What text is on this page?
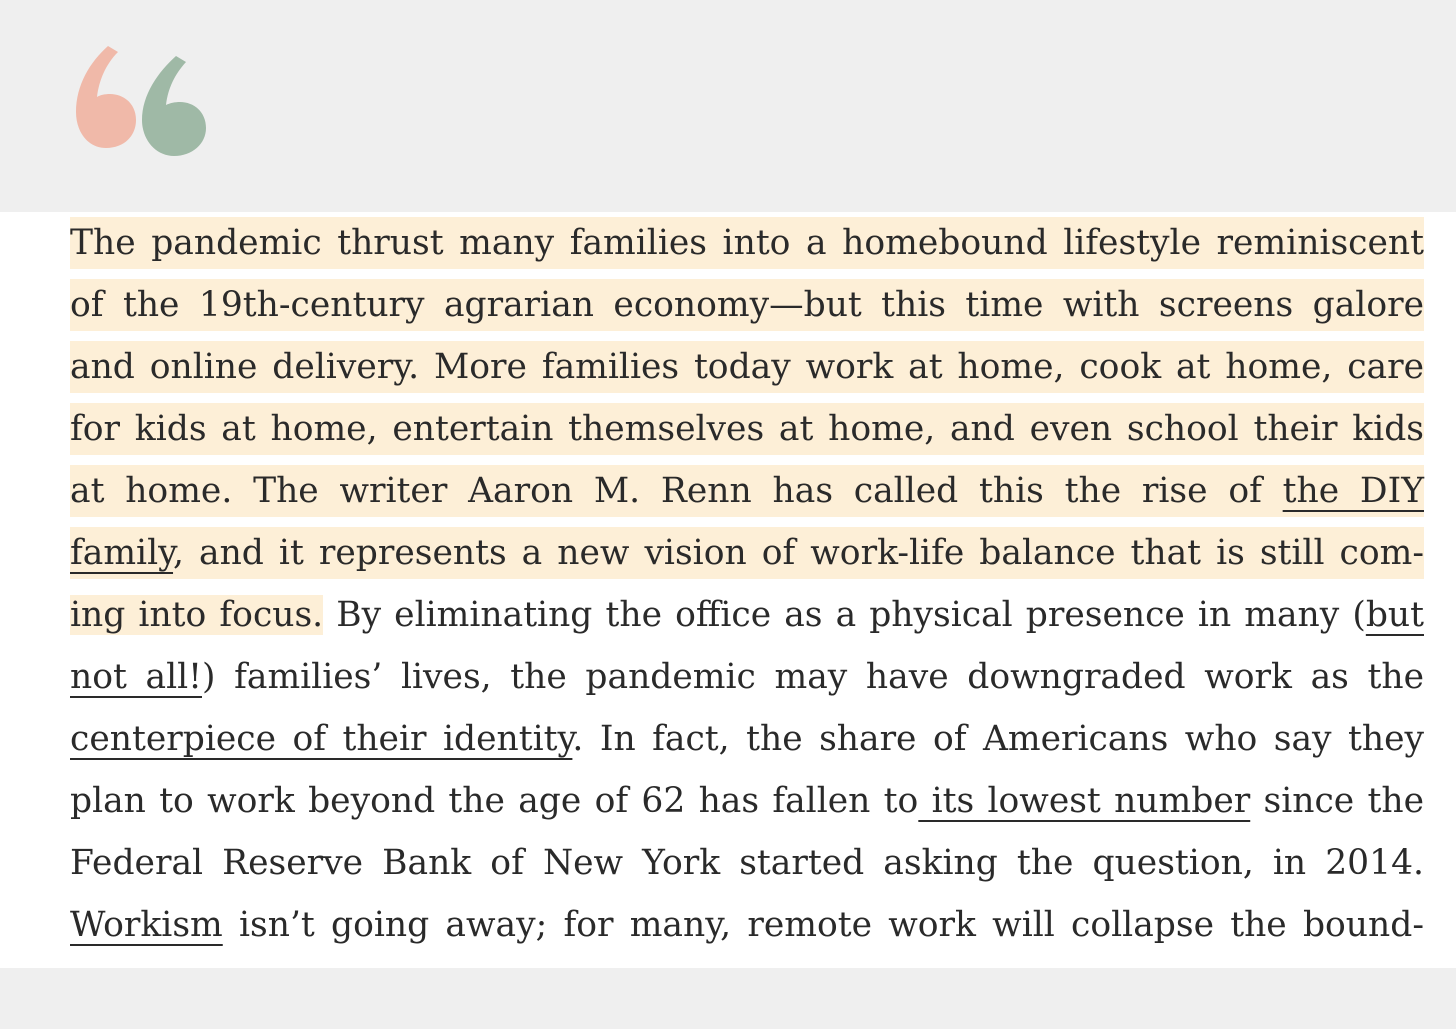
The pandemic thrust many families into a homebound lifestyle reminiscent
of the 19th-century agrarian economy—but this time with screens galore
and online delivery. More families today work at home, cook at home, care
for kids at home, entertain themselves at home, and even school their kids
at home. The writer Aaron M. Renn has called this the rise of the DIY
family, and it represents a new vision of work-life balance that is still com-
ing into focus. By eliminating the office as a physical presence in many (but
not all!) families’ lives, the pandemic may have downgraded work as the
centerpiece of their identity. In fact, the share of Americans who say they
plan to work beyond the age of 62 has fallen to its lowest number since the
Federal Reserve Bank of New York started asking the question, in 2014.
Workism isn’t going away; for many, remote work will collapse the bound-
